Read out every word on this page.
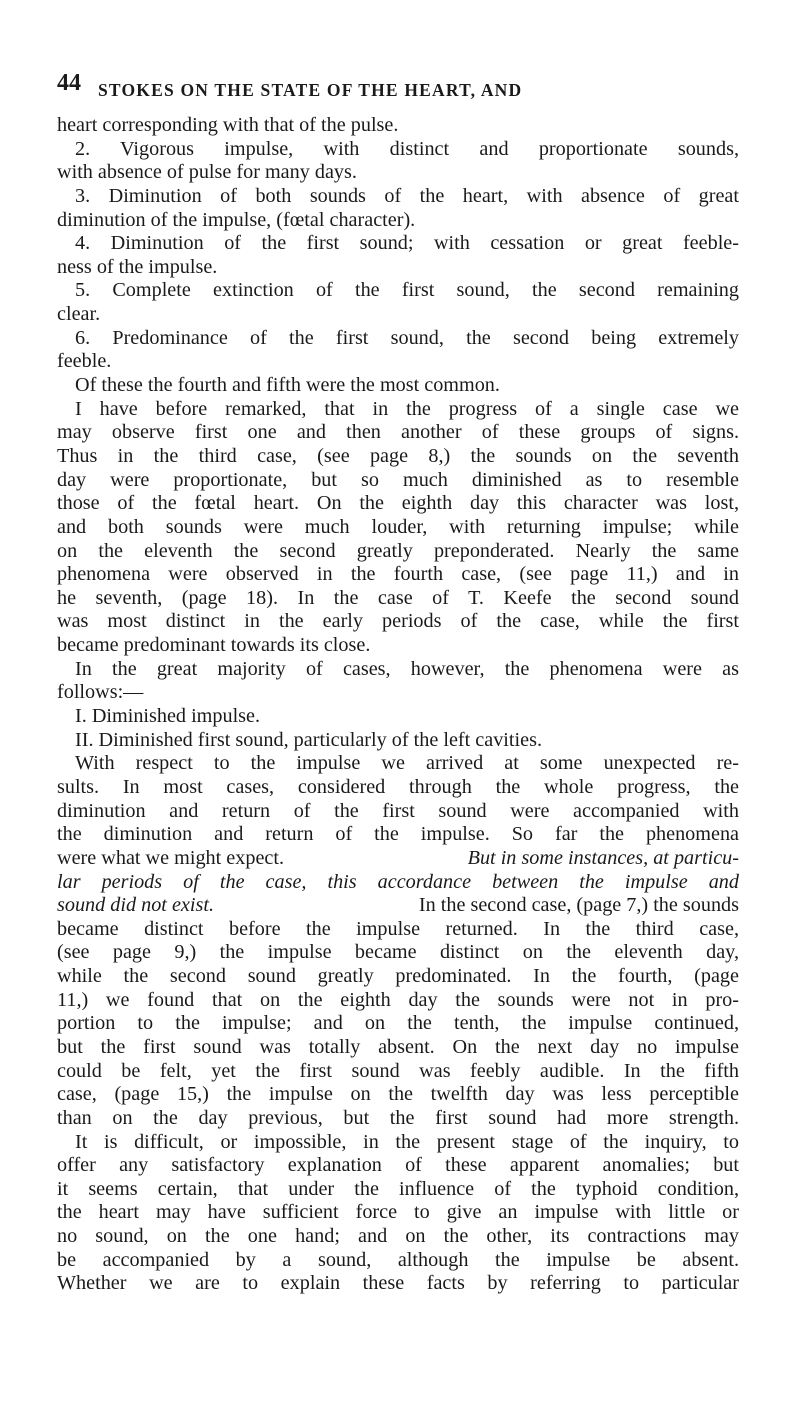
44 STOKES ON THE STATE OF THE HEART, AND
heart corresponding with that of the pulse.
2. Vigorous impulse, with distinct and proportionate sounds,
with absence of pulse for many days.
3. Diminution of both sounds of the heart, with absence of great
diminution of the impulse, (fœtal character).
4. Diminution of the first sound; with cessation or great feeble-
ness of the impulse.
5. Complete extinction of the first sound, the second remaining
clear.
6. Predominance of the first sound, the second being extremely
feeble.
Of these the fourth and fifth were the most common.
I have before remarked, that in the progress of a single case we
may observe first one and then another of these groups of signs.
Thus in the third case, (see page 8,) the sounds on the seventh
day were proportionate, but so much diminished as to resemble
those of the fœtal heart. On the eighth day this character was lost,
and both sounds were much louder, with returning impulse; while
on the eleventh the second greatly preponderated. Nearly the same
phenomena were observed in the fourth case, (see page 11,) and in
he seventh, (page 18). In the case of T. Keefe the second sound
was most distinct in the early periods of the case, while the first
became predominant towards its close.
In the great majority of cases, however, the phenomena were as
follows:—
I. Diminished impulse.
II. Diminished first sound, particularly of the left cavities.
With respect to the impulse we arrived at some unexpected re-
sults. In most cases, considered through the whole progress, the
diminution and return of the first sound were accompanied with
the diminution and return of the impulse. So far the phenomena
were what we might expect.	But in some instances, at particu-
lar periods of the case, this accordance between the impulse and
sound did not exist.	In the second case, (page 7,) the sounds
became distinct before the impulse returned. In the third case,
(see page 9,) the impulse became distinct on the eleventh day,
while the second sound greatly predominated. In the fourth, (page
11,) we found that on the eighth day the sounds were not in pro-
portion to the impulse; and on the tenth, the impulse continued,
but the first sound was totally absent. On the next day no impulse
could be felt, yet the first sound was feebly audible. In the fifth
case, (page 15,) the impulse on the twelfth day was less perceptible
than on the day previous, but the first sound had more strength.
It is difficult, or impossible, in the present stage of the inquiry, to
offer any satisfactory explanation of these apparent anomalies; but
it seems certain, that under the influence of the typhoid condition,
the heart may have sufficient force to give an impulse with little or
no sound, on the one hand; and on the other, its contractions may
be accompanied by a sound, although the impulse be absent.
Whether we are to explain these facts by referring to particular
